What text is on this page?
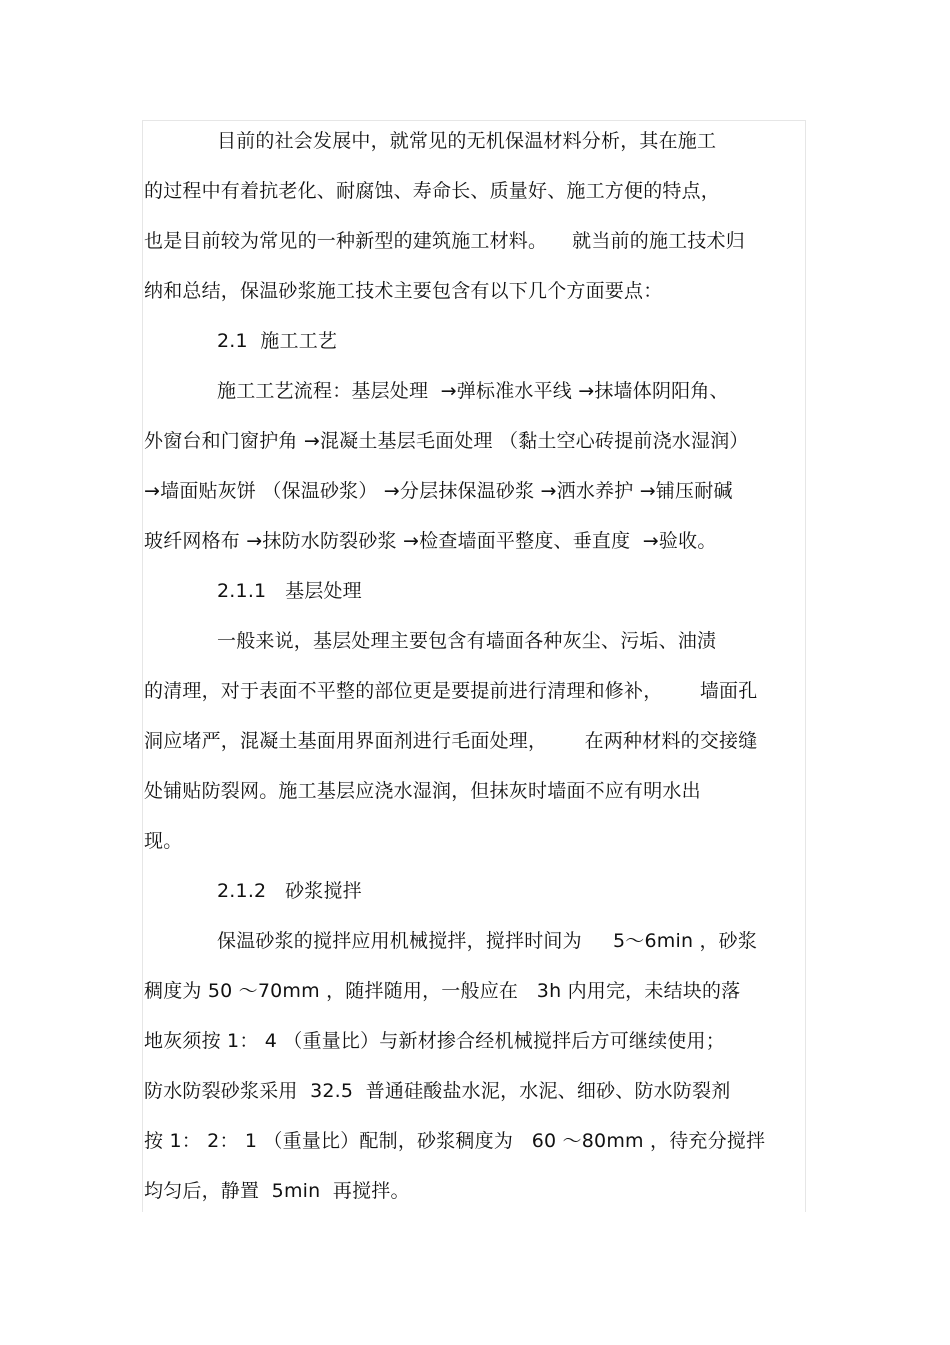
目前的社会发展中，就常见的无机保温材料分析，其在施工
的过程中有着抗老化、耐腐蚀、寿命长、质量好、施工方便的特点，
也是目前较为常见的一种新型的建筑施工材料。    就当前的施工技术归
纳和总结，保温砂浆施工技术主要包含有以下几个方面要点：
2.1  施工工艺
施工工艺流程：基层处理  →弹标准水平线 →抹墙体阴阳角、
外窗台和门窗护角 →混凝土基层毛面处理 （黏土空心砖提前浇水湿润）
→墙面贴灰饼 （保温砂浆） →分层抹保温砂浆 →洒水养护 →铺压耐碱
玻纤网格布 →抹防水防裂砂浆 →检查墙面平整度、垂直度  →验收。
2.1.1   基层处理
一般来说，基层处理主要包含有墙面各种灰尘、污垢、油渍
的清理，对于表面不平整的部位更是要提前进行清理和修补，      墙面孔
洞应堵严，混凝土基面用界面剂进行毛面处理，      在两种材料的交接缝
处铺贴防裂网。施工基层应浇水湿润，但抹灰时墙面不应有明水出
现。
2.1.2   砂浆搅拌
保温砂浆的搅拌应用机械搅拌，搅拌时间为     5～6min ，砂浆
稠度为 50 ～70mm ，随拌随用，一般应在   3h 内用完，未结块的落
地灰须按 1： 4 （重量比）与新材掺合经机械搅拌后方可继续使用；
防水防裂砂浆采用  32.5  普通硅酸盐水泥，水泥、细砂、防水防裂剂
按 1： 2： 1 （重量比）配制，砂浆稠度为   60 ～80mm ，待充分搅拌
均匀后，静置  5min  再搅拌。
